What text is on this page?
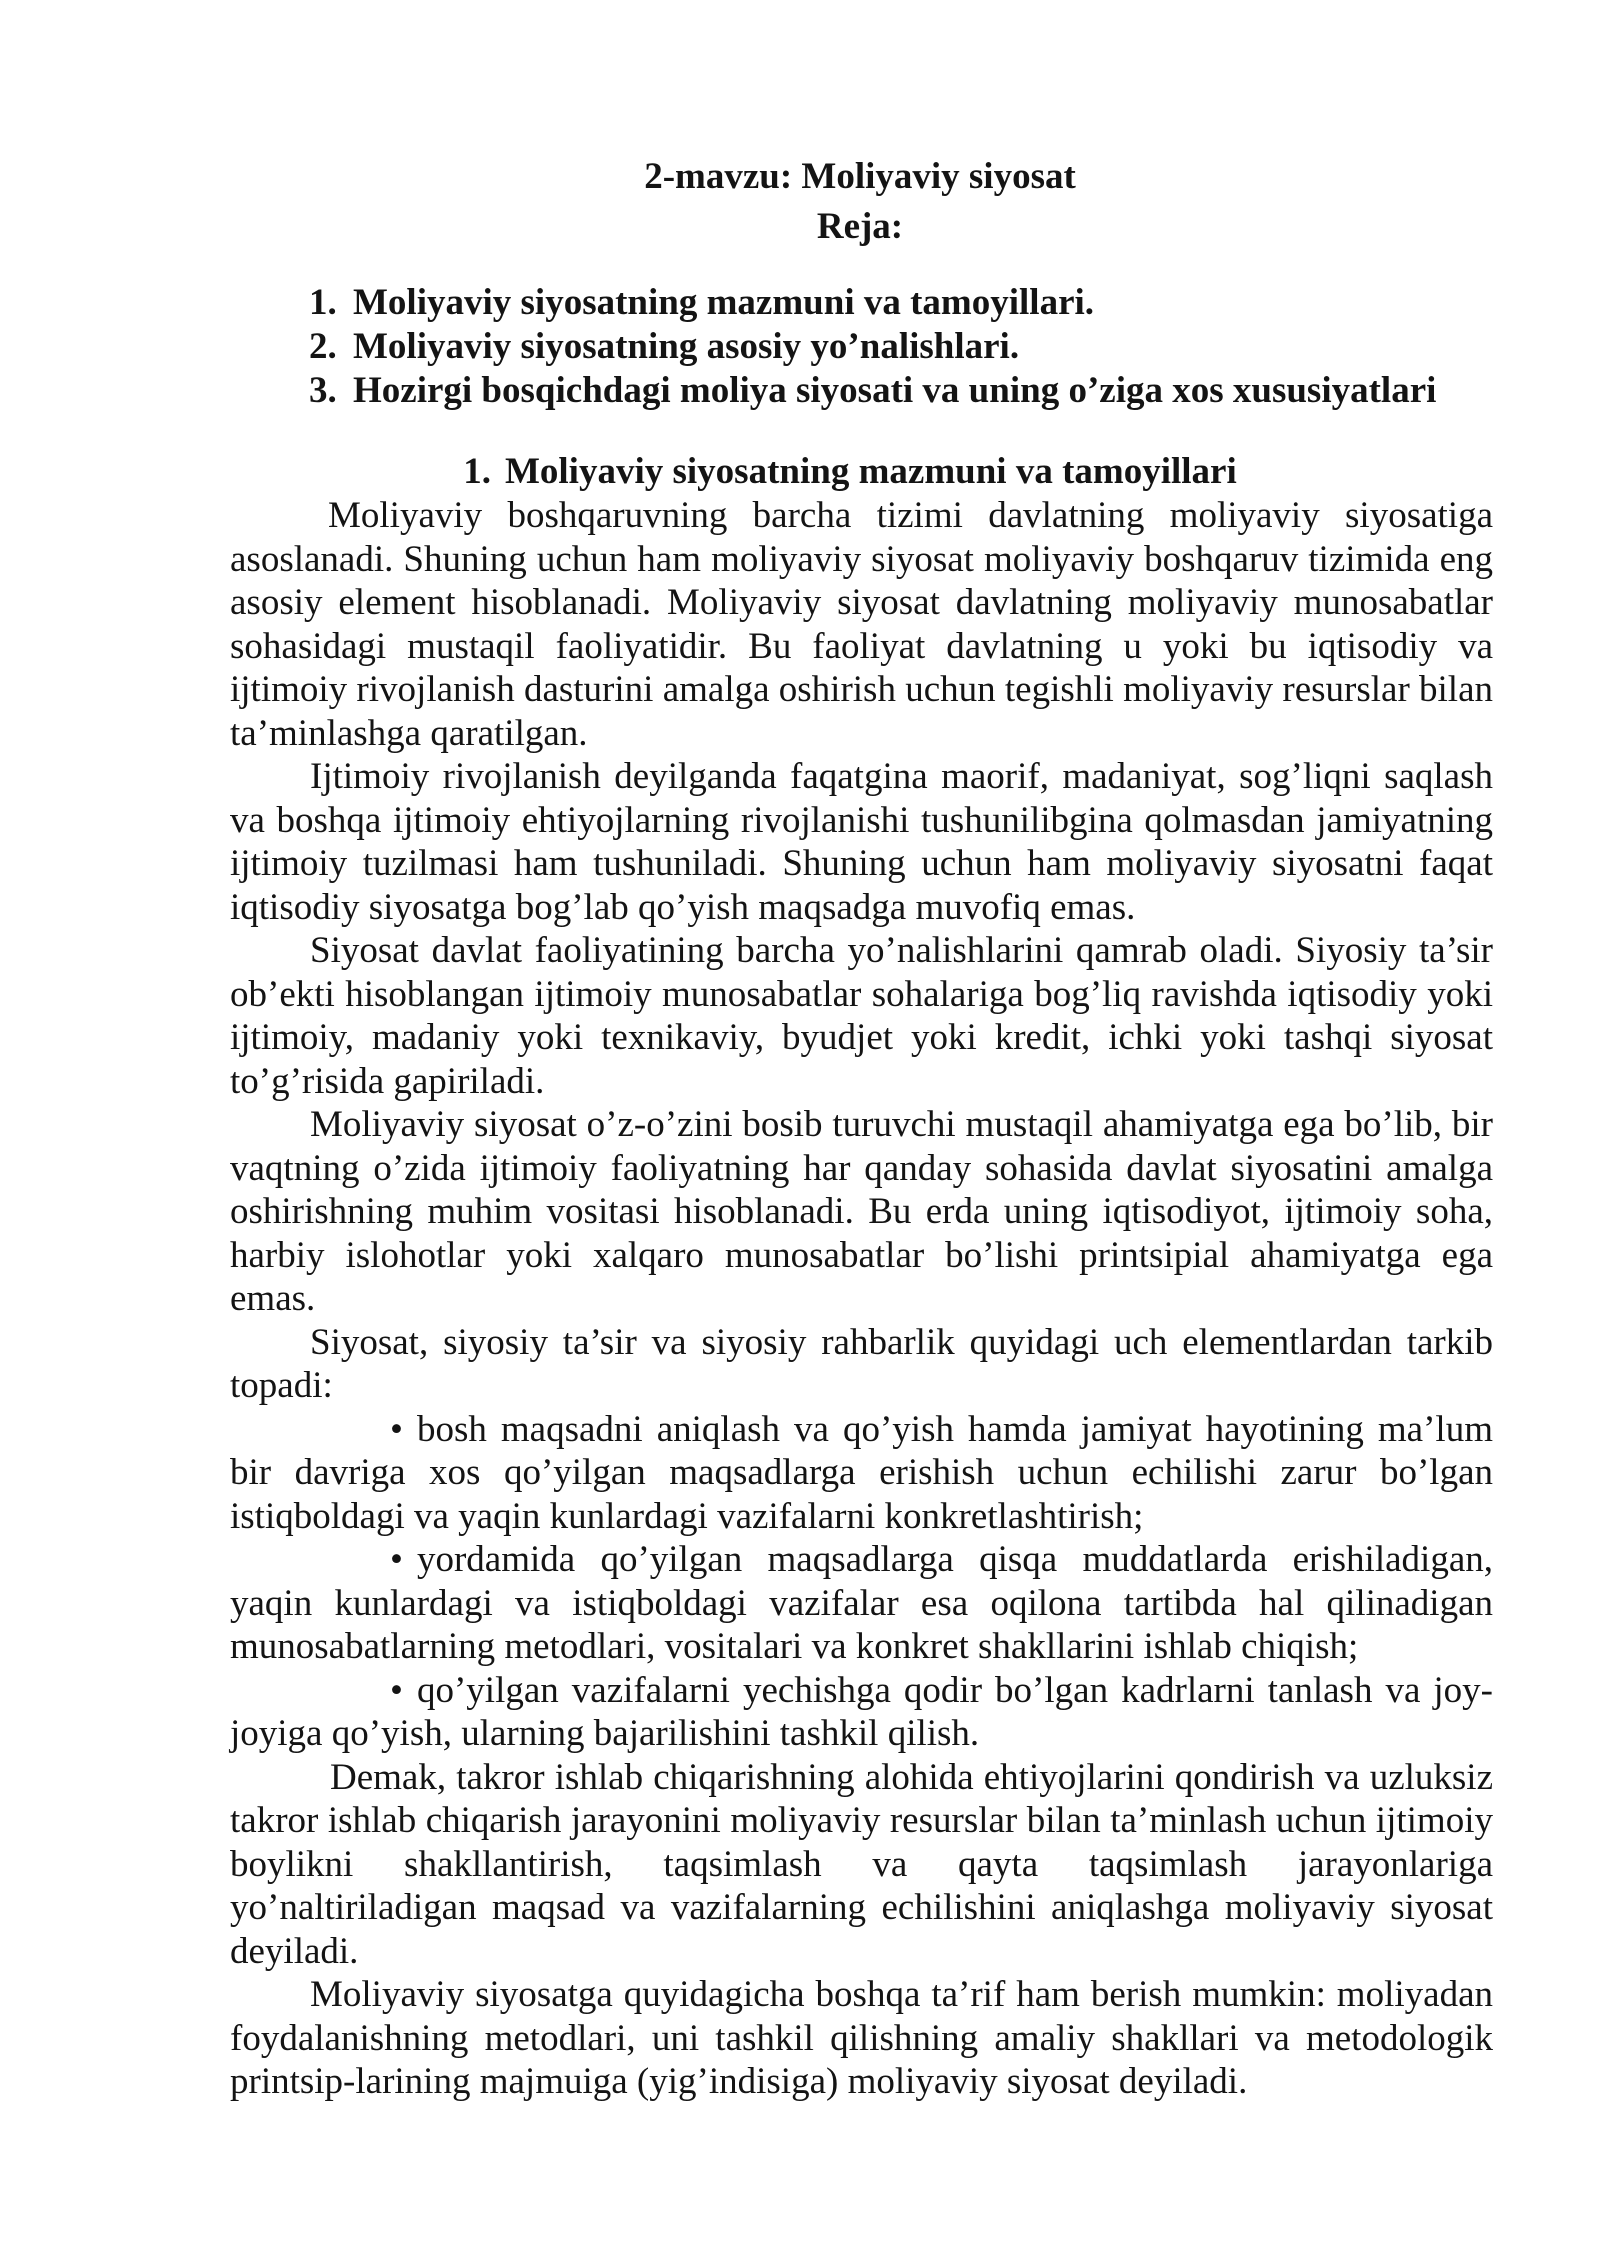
2-mavzu: Moliyaviy siyosat
Reja:
1. Moliyaviy siyosatning mazmuni va tamoyillari.
2. Moliyaviy siyosatning asosiy yo’nalishlari.
3. Hozirgi bosqichdagi moliya siyosati va uning o’ziga xos xususiyatlari
1. Moliyaviy siyosatning mazmuni va tamoyillari

Moliyaviy boshqaruvning barcha tizimi davlatning moliyaviy siyosatiga asoslanadi. Shuning uchun ham moliyaviy siyosat moliyaviy boshqaruv tizimida eng asosiy element hisoblanadi. Moliyaviy siyosat davlatning moliyaviy munosabatlar sohasidagi mustaqil faoliyatidir. Bu faoliyat davlatning u yoki bu iqtisodiy va ijtimoiy rivojlanish dasturini amalga oshirish uchun tegishli moliyaviy resurslar bilan ta’minlashga qaratilgan.

Ijtimoiy rivojlanish deyilganda faqatgina maorif, madaniyat, sog’liqni saqlash va boshqa ijtimoiy ehtiyojlarning rivojlanishi tushunilibgina qolmasdan jamiyatning ijtimoiy tuzilmasi ham tushuniladi. Shuning uchun ham moliyaviy siyosatni faqat iqtisodiy siyosatga bog’lab qo’yish maqsadga muvofiq emas.

Siyosat davlat faoliyatining barcha yo’nalishlarini qamrab oladi. Siyosiy ta’sir ob’ekti hisoblangan ijtimoiy munosabatlar sohalariga bog’liq ravishda iqtisodiy yoki ijtimoiy, madaniy yoki texnikaviy, byudjet yoki kredit, ichki yoki tashqi siyosat to’g’risida gapiriladi.

Moliyaviy siyosat o’z-o’zini bosib turuvchi mustaqil ahamiyatga ega bo’lib, bir vaqtning o’zida ijtimoiy faoliyatning har qanday sohasida davlat siyosatini amalga oshirishning muhim vositasi hisoblanadi. Bu erda uning iqtisodiyot, ijtimoiy soha, harbiy islohotlar yoki xalqaro munosabatlar bo’lishi printsipial ahamiyatga ega emas.

Siyosat, siyosiy ta’sir va siyosiy rahbarlik quyidagi uch elementlardan tarkib topadi:

• bosh maqsadni aniqlash va qo’yish hamda jamiyat hayotining ma’lum bir davriga xos qo’yilgan maqsadlarga erishish uchun echilishi zarur bo’lgan istiqboldagi va yaqin kunlardagi vazifalarni konkretlashtirish;

• yordamida qo’yilgan maqsadlarga qisqa muddatlarda erishiladigan, yaqin kunlardagi va istiqboldagi vazifalar esa oqilona tartibda hal qilinadigan munosabatlarning metodlari, vositalari va konkret shakllarini ishlab chiqish;

• qo’yilgan vazifalarni yechishga qodir bo’lgan kadrlarni tanlash va joy-joyiga qo’yish, ularning bajarilishini tashkil qilish.

Demak, takror ishlab chiqarishning alohida ehtiyojlarini qondirish va uzluksiz takror ishlab chiqarish jarayonini moliyaviy resurslar bilan ta’minlash uchun ijtimoiy boylikni shakllantirish, taqsimlash va qayta taqsimlash jarayonlariga yo’naltiriladigan maqsad va vazifalarning echilishini aniqlashga moliyaviy siyosat deyiladi.

Moliyaviy siyosatga quyidagicha boshqa ta’rif ham berish mumkin: moliyadan foydalanishning metodlari, uni tashkil qilishning amaliy shakllari va metodologik printsip-larining majmuiga (yig’indisiga) moliyaviy siyosat deyiladi.
